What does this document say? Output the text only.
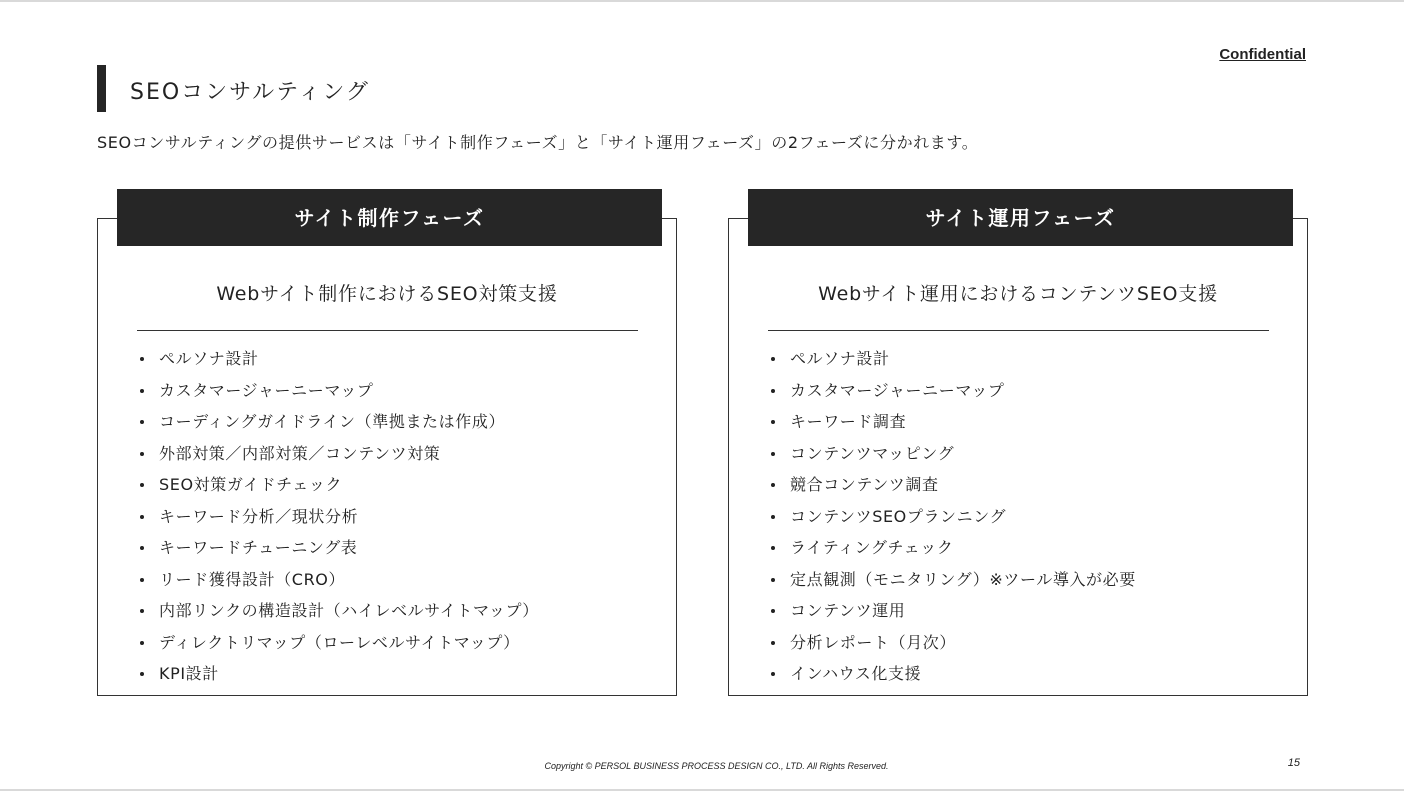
Confidential
SEOコンサルティング
SEOコンサルティングの提供サービスは「サイト制作フェーズ」と「サイト運用フェーズ」の2フェーズに分かれます。
Webサイト制作におけるSEO対策支援
ペルソナ設計
カスタマージャーニーマップ
コーディングガイドライン（準拠または作成）
外部対策／内部対策／コンテンツ対策
SEO対策ガイドチェック
キーワード分析／現状分析
キーワードチューニング表
リード獲得設計（CRO）
内部リンクの構造設計（ハイレベルサイトマップ）
ディレクトリマップ（ローレベルサイトマップ）
KPI設計
サイト制作フェーズ
Webサイト運用におけるコンテンツSEO支援
ペルソナ設計
カスタマージャーニーマップ
キーワード調査
コンテンツマッピング
競合コンテンツ調査
コンテンツSEOプランニング
ライティングチェック
定点観測（モニタリング）※ツール導入が必要
コンテンツ運用
分析レポート（月次）
インハウス化支援
サイト運用フェーズ
Copyright © PERSOL BUSINESS PROCESS DESIGN CO., LTD. All Rights Reserved.	15
